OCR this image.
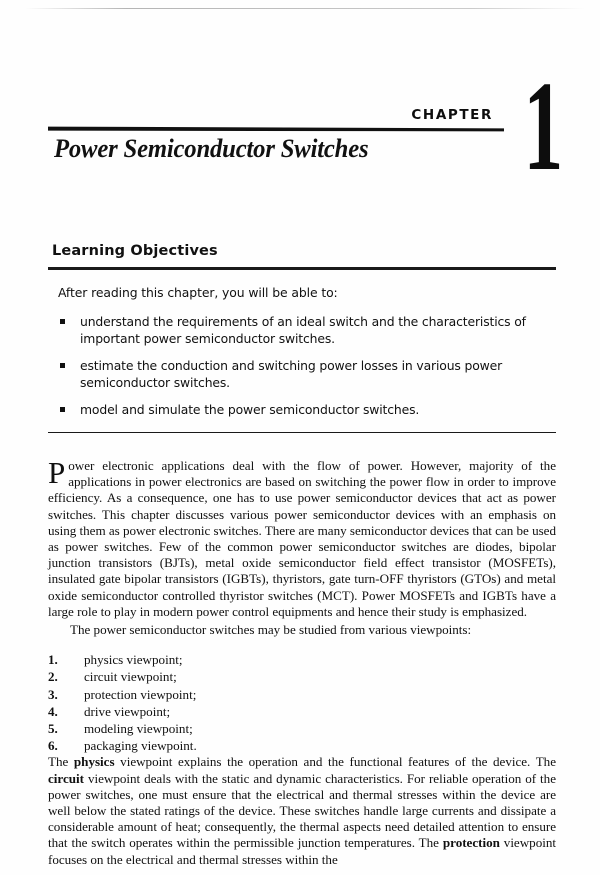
CHAPTER 1
Power Semiconductor Switches
Learning Objectives
After reading this chapter, you will be able to:
understand the requirements of an ideal switch and the characteristics of important power semiconductor switches.
estimate the conduction and switching power losses in various power semiconductor switches.
model and simulate the power semiconductor switches.

Power electronic applications deal with the flow of power. However, majority of the applications in power electronics are based on switching the power flow in order to improve efficiency. As a consequence, one has to use power semiconductor devices that act as power switches. This chapter discusses various power semiconductor devices with an emphasis on using them as power electronic switches. There are many semiconductor devices that can be used as power switches. Few of the common power semiconductor switches are diodes, bipolar junction transistors (BJTs), metal oxide semiconductor field effect transistor (MOSFETs), insulated gate bipolar transistors (IGBTs), thyristors, gate turn-OFF thyristors (GTOs) and metal oxide semiconductor controlled thyristor switches (MCT). Power MOSFETs and IGBTs have a large role to play in modern power control equipments and hence their study is emphasized.

The power semiconductor switches may be studied from various viewpoints:

1. physics viewpoint;
2. circuit viewpoint;
3. protection viewpoint;
4. drive viewpoint;
5. modeling viewpoint;
6. packaging viewpoint.

The physics viewpoint explains the operation and the functional features of the device. The circuit viewpoint deals with the static and dynamic characteristics. For reliable operation of the power switches, one must ensure that the electrical and thermal stresses within the device are well below the stated ratings of the device. These switches handle large currents and dissipate a considerable amount of heat; consequently, the thermal aspects need detailed attention to ensure that the switch operates within the permissible junction temperatures. The protection viewpoint focuses on the electrical and thermal stresses within the
